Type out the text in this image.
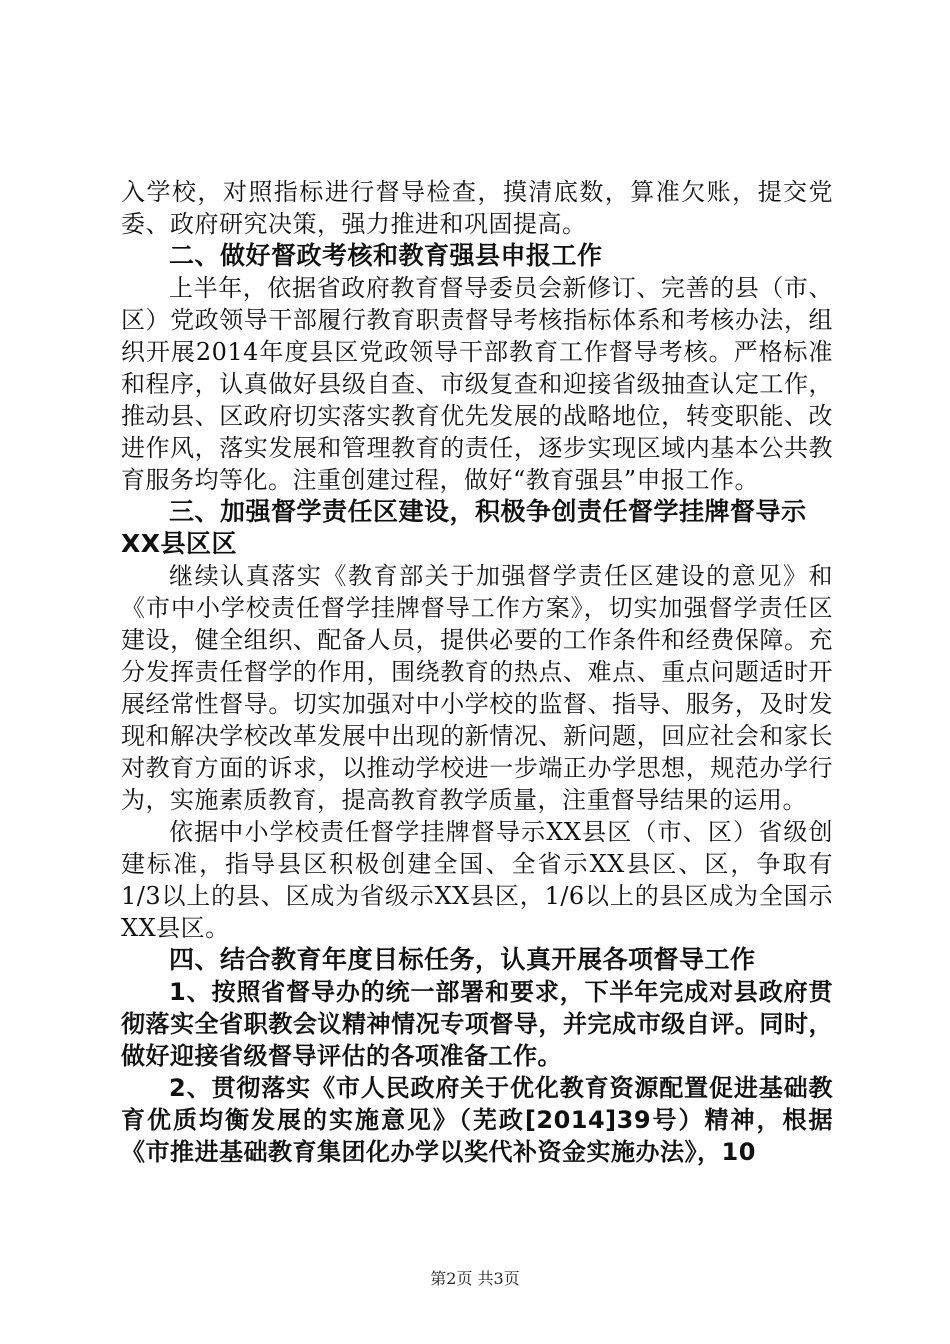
入学校，对照指标进行督导检查，摸清底数，算准欠账，提交党委、政府研究决策，强力推进和巩固提高。

二、做好督政考核和教育强县申报工作

上半年，依据省政府教育督导委员会新修订、完善的县（市、区）党政领导干部履行教育职责督导考核指标体系和考核办法，组织开展2014年度县区党政领导干部教育工作督导考核。严格标准和程序，认真做好县级自查、市级复查和迎接省级抽查认定工作，推动县、区政府切实落实教育优先发展的战略地位，转变职能、改进作风，落实发展和管理教育的责任，逐步实现区域内基本公共教育服务均等化。注重创建过程，做好“教育强县”申报工作。

三、加强督学责任区建设，积极争创责任督学挂牌督导示XX县区区

继续认真落实《教育部关于加强督学责任区建设的意见》和《市中小学校责任督学挂牌督导工作方案》，切实加强督学责任区建设，健全组织、配备人员，提供必要的工作条件和经费保障。充分发挥责任督学的作用，围绕教育的热点、难点、重点问题适时开展经常性督导。切实加强对中小学校的监督、指导、服务，及时发现和解决学校改革发展中出现的新情况、新问题，回应社会和家长对教育方面的诉求，以推动学校进一步端正办学思想，规范办学行为，实施素质教育，提高教育教学质量，注重督导结果的运用。

依据中小学校责任督学挂牌督导示XX县区（市、区）省级创建标准，指导县区积极创建全国、全省示XX县区、区，争取有1/3以上的县、区成为省级示XX县区，1/6以上的县区成为全国示XX县区。

四、结合教育年度目标任务，认真开展各项督导工作

1、按照省督导办的统一部署和要求，下半年完成对县政府贯彻落实全省职教会议精神情况专项督导，并完成市级自评。同时，做好迎接省级督导评估的各项准备工作。

2、贯彻落实《市人民政府关于优化教育资源配置促进基础教育优质均衡发展的实施意见》（芜政[2014]39号）精神，根据《市推进基础教育集团化办学以奖代补资金实施办法》，10

第2页 共3页
